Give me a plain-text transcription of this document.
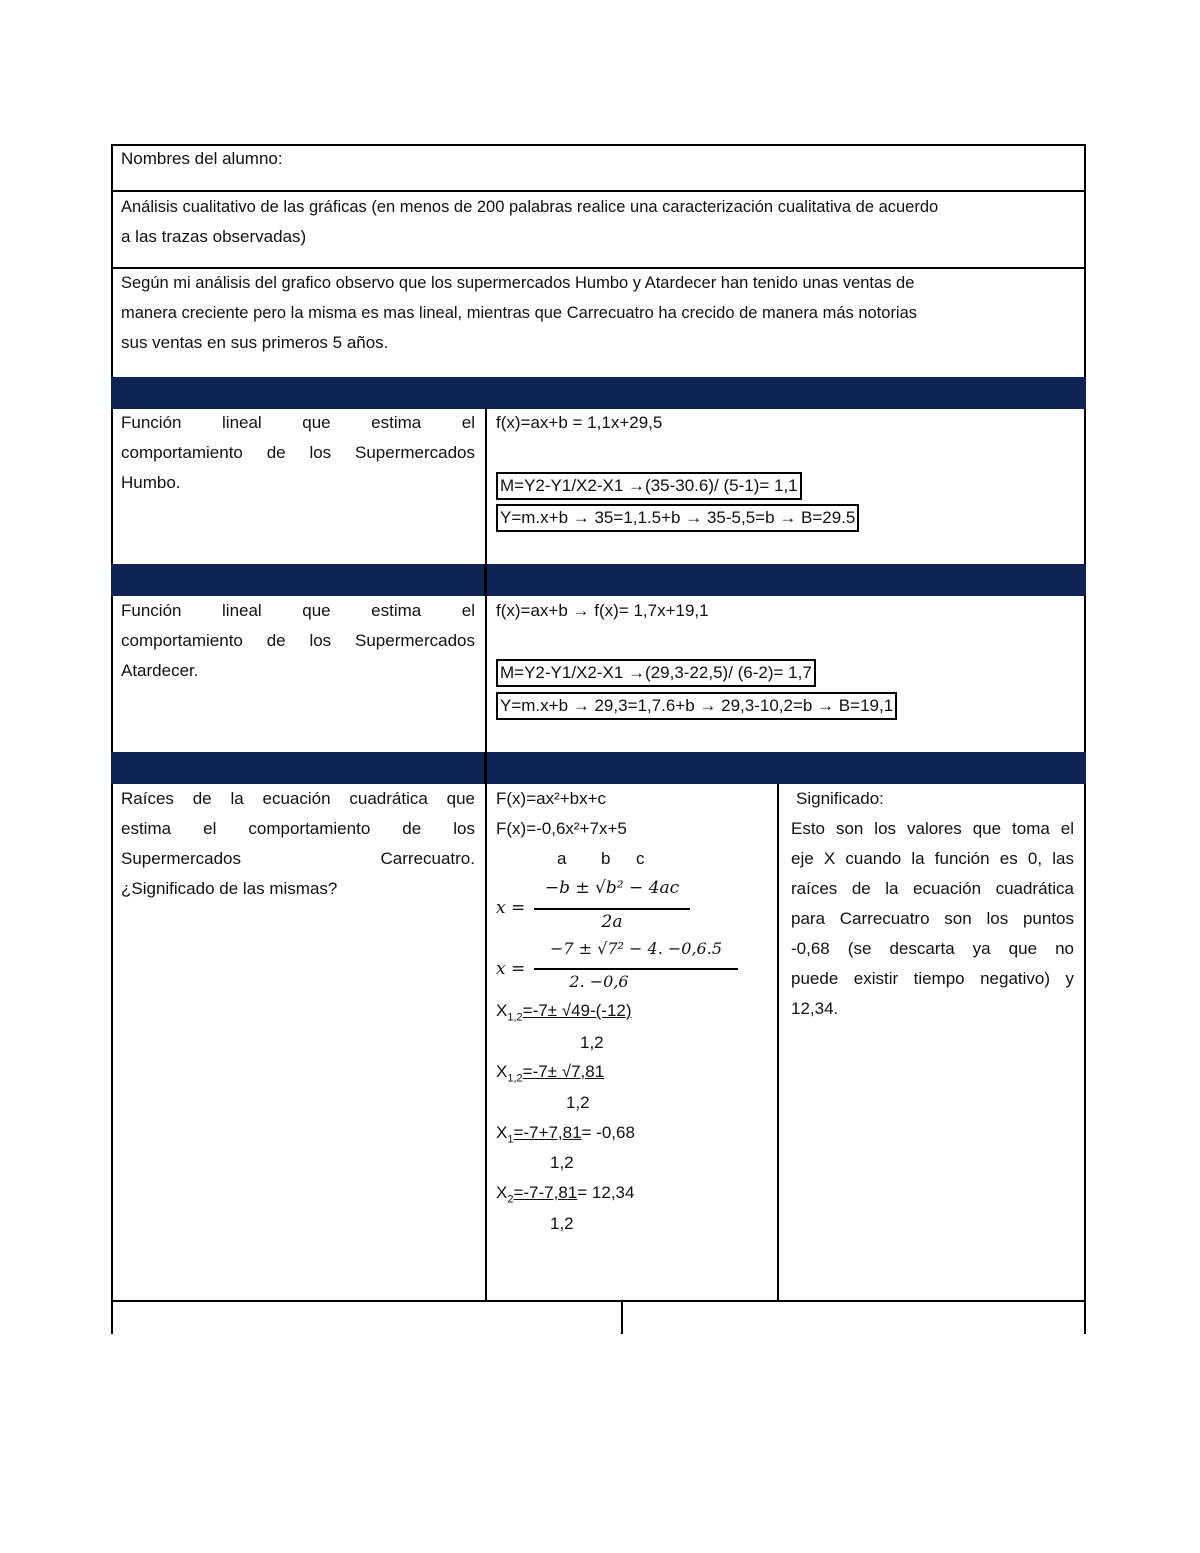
Nombres del alumno:
Análisis cualitativo de las gráficas (en menos de 200 palabras realice una caracterización cualitativa de acuerdo
a las trazas observadas)
Según mi análisis del grafico observo que los supermercados Humbo y Atardecer han tenido unas ventas de
manera creciente pero la misma es mas lineal, mientras que Carrecuatro ha crecido de manera más notorias
sus ventas en sus primeros 5 años.
Función lineal que estima el
comportamiento de los Supermercados
Humbo.
f(x)=ax+b = 1,1x+29,5
M=Y2-Y1/X2-X1 →(35-30.6)/ (5-1)= 1,1
Y=m.x+b → 35=1,1.5+b → 35-5,5=b → B=29.5
Función lineal que estima el
comportamiento de los Supermercados
Atardecer.
f(x)=ax+b → f(x)= 1,7x+19,1
M=Y2-Y1/X2-X1 →(29,3-22,5)/ (6-2)= 1,7
Y=m.x+b → 29,3=1,7.6+b → 29,3-10,2=b → B=19,1
Raíces de la ecuación cuadrática que
estima el comportamiento de los
Supermercados Carrecuatro.
¿Significado de las mismas?
F(x)=ax²+bx+c
F(x)=-0,6x²+7x+5
a b c
x =
−b ± √b² − 4ac
2a
x =
−7 ± √7² − 4. −0,6.5
2. −0,6
$X_{1,2}=-7\pm √49-(-12)$
1,2
$X_{1,2}=-7\pm √7,81$
1,2
$X_1=-7+7,81= -0,68$
1,2
$X_2=-7-7,81= 12,34$
1,2
Significado:
Esto son los valores que toma el
eje X cuando la función es 0, las
raíces de la ecuación cuadrática
para Carrecuatro son los puntos
-0,68 (se descarta ya que no
puede existir tiempo negativo) y
12,34.
